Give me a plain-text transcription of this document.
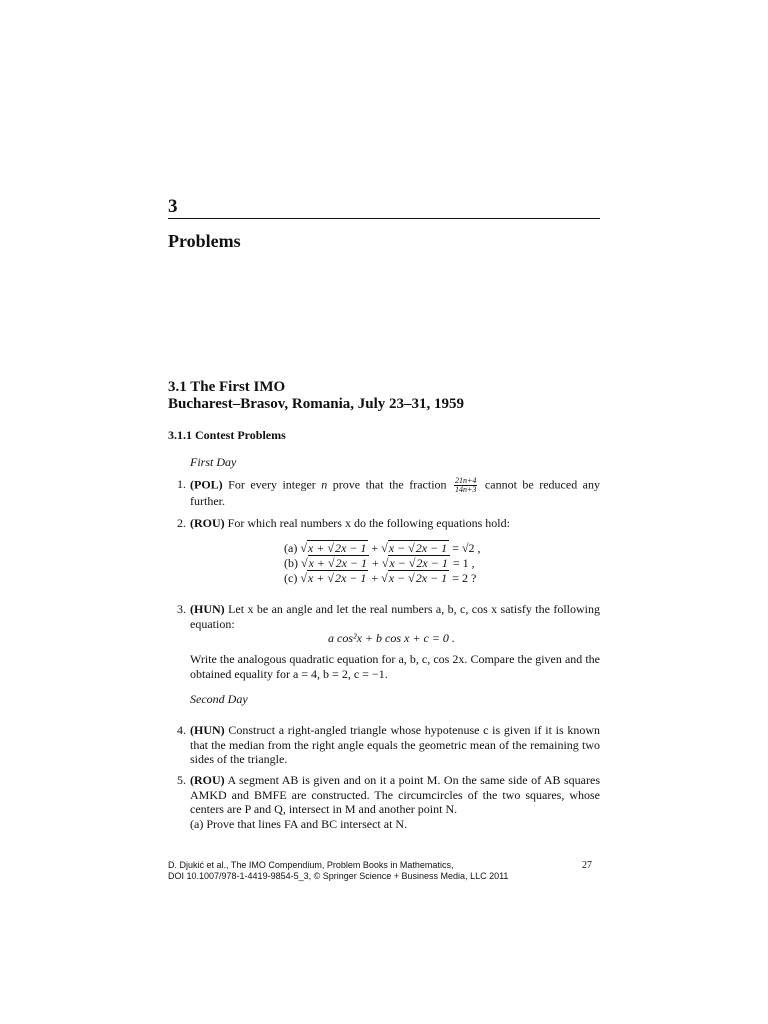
3
Problems
3.1 The First IMO
Bucharest–Brasov, Romania, July 23–31, 1959
3.1.1 Contest Problems
First Day
1. (POL) For every integer n prove that the fraction $\frac{21n+4}{14n+3}$ cannot be reduced any further.
2. (ROU) For which real numbers x do the following equations hold:
(a) √x + √2x − 1 + √x − √2x − 1 = √2 ,
(b) √x + √2x − 1 + √x − √2x − 1 = 1 ,
(c) √x + √2x − 1 + √x − √2x − 1 = 2 ?
3. (HUN) Let x be an angle and let the real numbers a, b, c, cos x satisfy the following equation:
a cos²x + b cos x + c = 0 .
Write the analogous quadratic equation for a, b, c, cos 2x. Compare the given and the obtained equality for a = 4, b = 2, c = −1.
Second Day
4. (HUN) Construct a right-angled triangle whose hypotenuse c is given if it is known that the median from the right angle equals the geometric mean of the remaining two sides of the triangle.
5. (ROU) A segment AB is given and on it a point M. On the same side of AB squares AMKD and BMFE are constructed. The circumcircles of the two squares, whose centers are P and Q, intersect in M and another point N.
(a) Prove that lines FA and BC intersect at N.
D. Djukić et al., The IMO Compendium, Problem Books in Mathematics,
DOI 10.1007/978-1-4419-9854-5_3, © Springer Science + Business Media, LLC 2011
27
